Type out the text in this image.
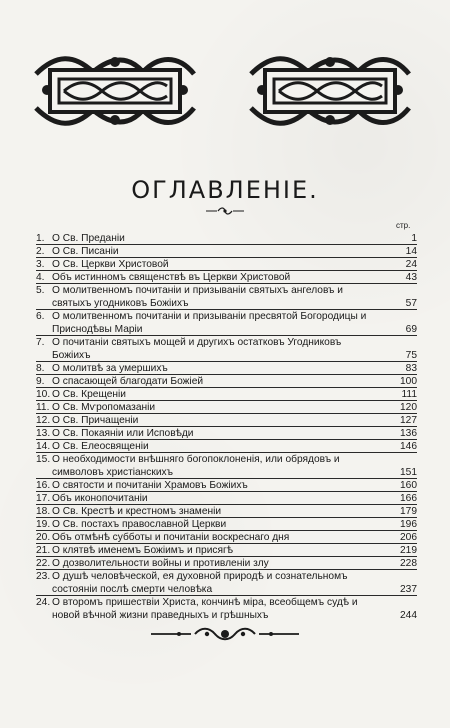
ОГЛАВЛЕНІЕ.
стр.
1. О Св. Преданіи	1
2. О Св. Писаніи	14
3. О Св. Церкви Христовой	24
4. Объ истинномъ священствѣ въ Церкви Христовой	43
5. О молитвенномъ почитаніи и призываніи святыхъ ангеловъ и святыхъ угодниковъ Божіихъ	57
6. О молитвенномъ почитаніи и призываніи пресвятой Богородицы и Приснодѣвы Маріи	69
7. О почитаніи святыхъ мощей и другихъ остатковъ Угодниковъ Божіихъ	75
8. О молитвѣ за умершихъ	83
9. О спасающей благодати Божіей	100
10. О Св. Крещеніи	111
11. О Св. Мѵропомазаніи	120
12. О Св. Причащеніи	127
13. О Св. Покаяніи или Исповѣди	136
14. О Св. Елеосвященіи	146
15. О необходимости внѣшняго богопоклоненія, или обрядовъ и символовъ христіанскихъ	151
16. О святости и почитаніи Храмовъ Божіихъ	160
17. Объ иконопочитаніи	166
18. О Св. Крестѣ и крестномъ знаменіи	179
19. О Св. постахъ православной Церкви	196
20. Объ отмѣнѣ субботы и почитаніи воскреснаго дня	206
21. О клятвѣ именемъ Божіимъ и присягѣ	219
22. О дозволительности войны и противленіи злу	228
23. О душѣ человѣческой, ея духовной природѣ и сознательномъ состояніи послѣ смерти человѣка	237
24. О второмъ пришествіи Христа, кончинѣ міра, всеобщемъ судѣ и новой вѣчной жизни праведныхъ и грѣшныхъ	244
